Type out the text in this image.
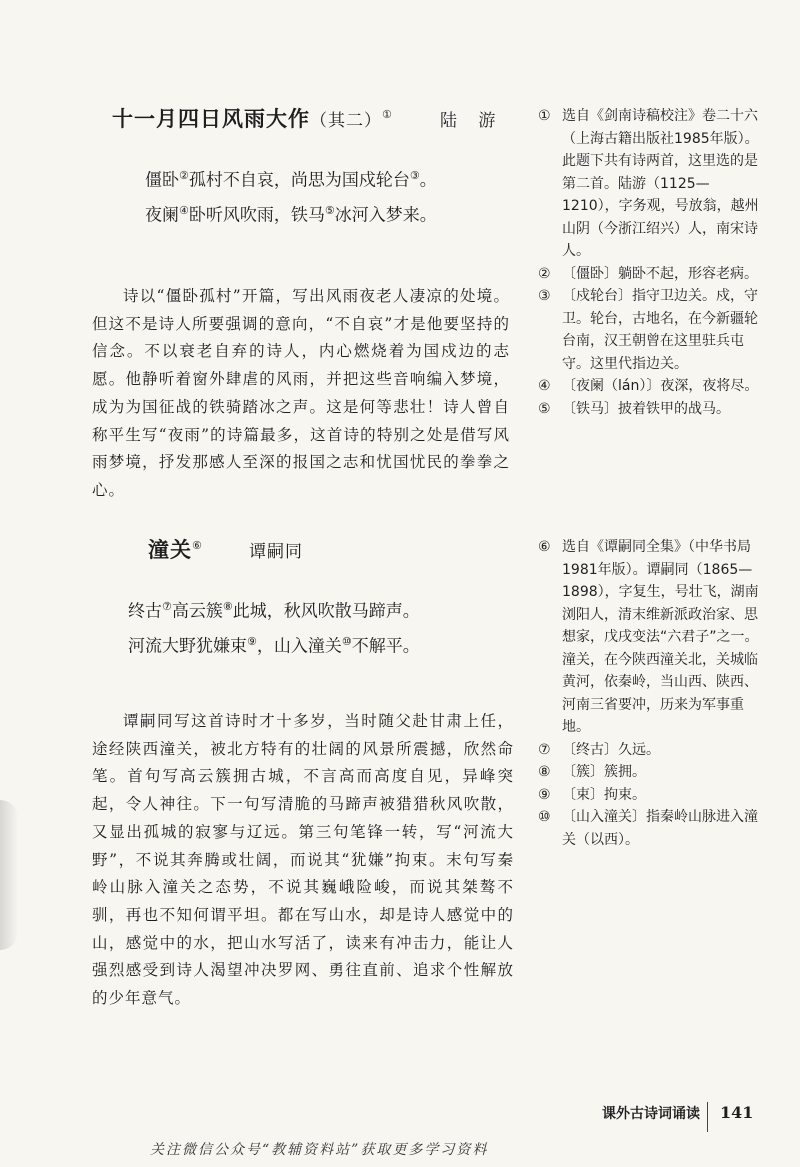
十一月四日风雨大作（其二）①	陆 游
僵卧②孤村不自哀，尚思为国戍轮台③。
夜阑④卧听风吹雨，铁马⑤冰河入梦来。

诗以“僵卧孤村”开篇，写出风雨夜老人凄凉的处境。但这不是诗人所要强调的意向，“不自哀”才是他要坚持的信念。不以衰老自弃的诗人，内心燃烧着为国戍边的志愿。他静听着窗外肆虐的风雨，并把这些音响编入梦境，成为为国征战的铁骑踏冰之声。这是何等悲壮！诗人曾自称平生写“夜雨”的诗篇最多，这首诗的特别之处是借写风雨梦境，抒发那感人至深的报国之志和忧国忧民的拳拳之心。

① 选自《剑南诗稿校注》卷二十六（上海古籍出版社1985年版）。此题下共有诗两首，这里选的是第二首。陆游（1125—1210），字务观，号放翁，越州山阴（今浙江绍兴）人，南宋诗人。
② 〔僵卧〕躺卧不起，形容老病。
③ 〔戍轮台〕指守卫边关。戍，守卫。轮台，古地名，在今新疆轮台南，汉王朝曾在这里驻兵屯守。这里代指边关。
④ 〔夜阑（lán）〕夜深，夜将尽。
⑤ 〔铁马〕披着铁甲的战马。
潼关⑥	谭嗣同
终古⑦高云簇⑧此城，秋风吹散马蹄声。
河流大野犹嫌束⑨，山入潼关⑩不解平。

谭嗣同写这首诗时才十多岁，当时随父赴甘肃上任，途经陕西潼关，被北方特有的壮阔的风景所震撼，欣然命笔。首句写高云簇拥古城，不言高而高度自见，异峰突起，令人神往。下一句写清脆的马蹄声被猎猎秋风吹散，又显出孤城的寂寥与辽远。第三句笔锋一转，写“河流大野”，不说其奔腾或壮阔，而说其“犹嫌”拘束。末句写秦岭山脉入潼关之态势，不说其巍峨险峻，而说其桀骜不驯，再也不知何谓平坦。都在写山水，却是诗人感觉中的山，感觉中的水，把山水写活了，读来有冲击力，能让人强烈感受到诗人渴望冲决罗网、勇往直前、追求个性解放的少年意气。

⑥ 选自《谭嗣同全集》（中华书局1981年版）。谭嗣同（1865—1898），字复生，号壮飞，湖南浏阳人，清末维新派政治家、思想家，戊戌变法“六君子”之一。潼关，在今陕西潼关北，关城临黄河，依秦岭，当山西、陕西、河南三省要冲，历来为军事重地。
⑦ 〔终古〕久远。
⑧ 〔簇〕簇拥。
⑨ 〔束〕拘束。
⑩ 〔山入潼关〕指秦岭山脉进入潼关（以西）。
课外古诗词诵读 141
关注微信公众号“教辅资料站”获取更多学习资料
